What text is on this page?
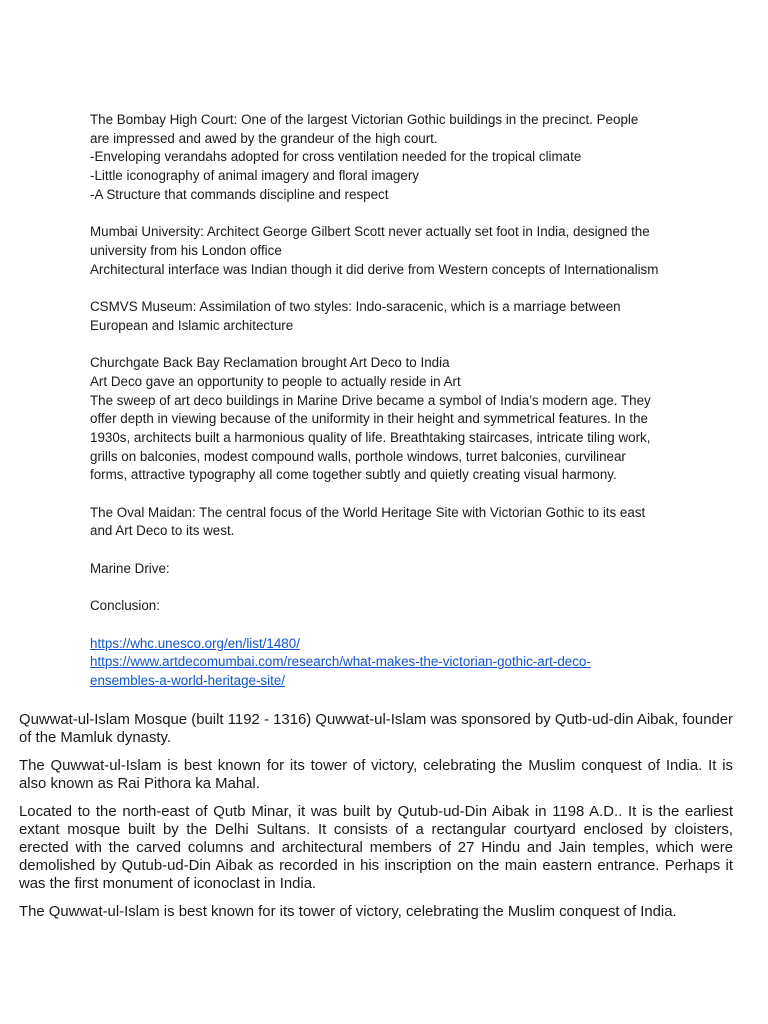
The Bombay High Court: One of the largest Victorian Gothic buildings in the precinct. People
are impressed and awed by the grandeur of the high court.
-Enveloping verandahs adopted for cross ventilation needed for the tropical climate
-Little iconography of animal imagery and floral imagery
-A Structure that commands discipline and respect
Mumbai University: Architect George Gilbert Scott never actually set foot in India, designed the
university from his London office
Architectural interface was Indian though it did derive from Western concepts of Internationalism
CSMVS Museum: Assimilation of two styles: Indo-saracenic, which is a marriage between
European and Islamic architecture
Churchgate Back Bay Reclamation brought Art Deco to India
Art Deco gave an opportunity to people to actually reside in Art
The sweep of art deco buildings in Marine Drive became a symbol of India’s modern age. They
offer depth in viewing because of the uniformity in their height and symmetrical features. In the
1930s, architects built a harmonious quality of life. Breathtaking staircases, intricate tiling work,
grills on balconies, modest compound walls, porthole windows, turret balconies, curvilinear
forms, attractive typography all come together subtly and quietly creating visual harmony.
The Oval Maidan: The central focus of the World Heritage Site with Victorian Gothic to its east
and Art Deco to its west.
Marine Drive:
Conclusion:
https://whc.unesco.org/en/list/1480/
https://www.artdecomumbai.com/research/what-makes-the-victorian-gothic-art-deco-
ensembles-a-world-heritage-site/

Quwwat-ul-Islam Mosque (built 1192 - 1316) Quwwat-ul-Islam was sponsored by Qutb-ud-din Aibak, founder of the Mamluk dynasty.

The Quwwat-ul-Islam is best known for its tower of victory, celebrating the Muslim conquest of India. It is also known as Rai Pithora ka Mahal.

Located to the north-east of Qutb Minar, it was built by Qutub-ud-Din Aibak in 1198 A.D.. It is the earliest extant mosque built by the Delhi Sultans. It consists of a rectangular courtyard enclosed by cloisters, erected with the carved columns and architectural members of 27 Hindu and Jain temples, which were demolished by Qutub-ud-Din Aibak as recorded in his inscription on the main eastern entrance. Perhaps it was the first monument of iconoclast in India.

The Quwwat-ul-Islam is best known for its tower of victory, celebrating the Muslim conquest of India.
